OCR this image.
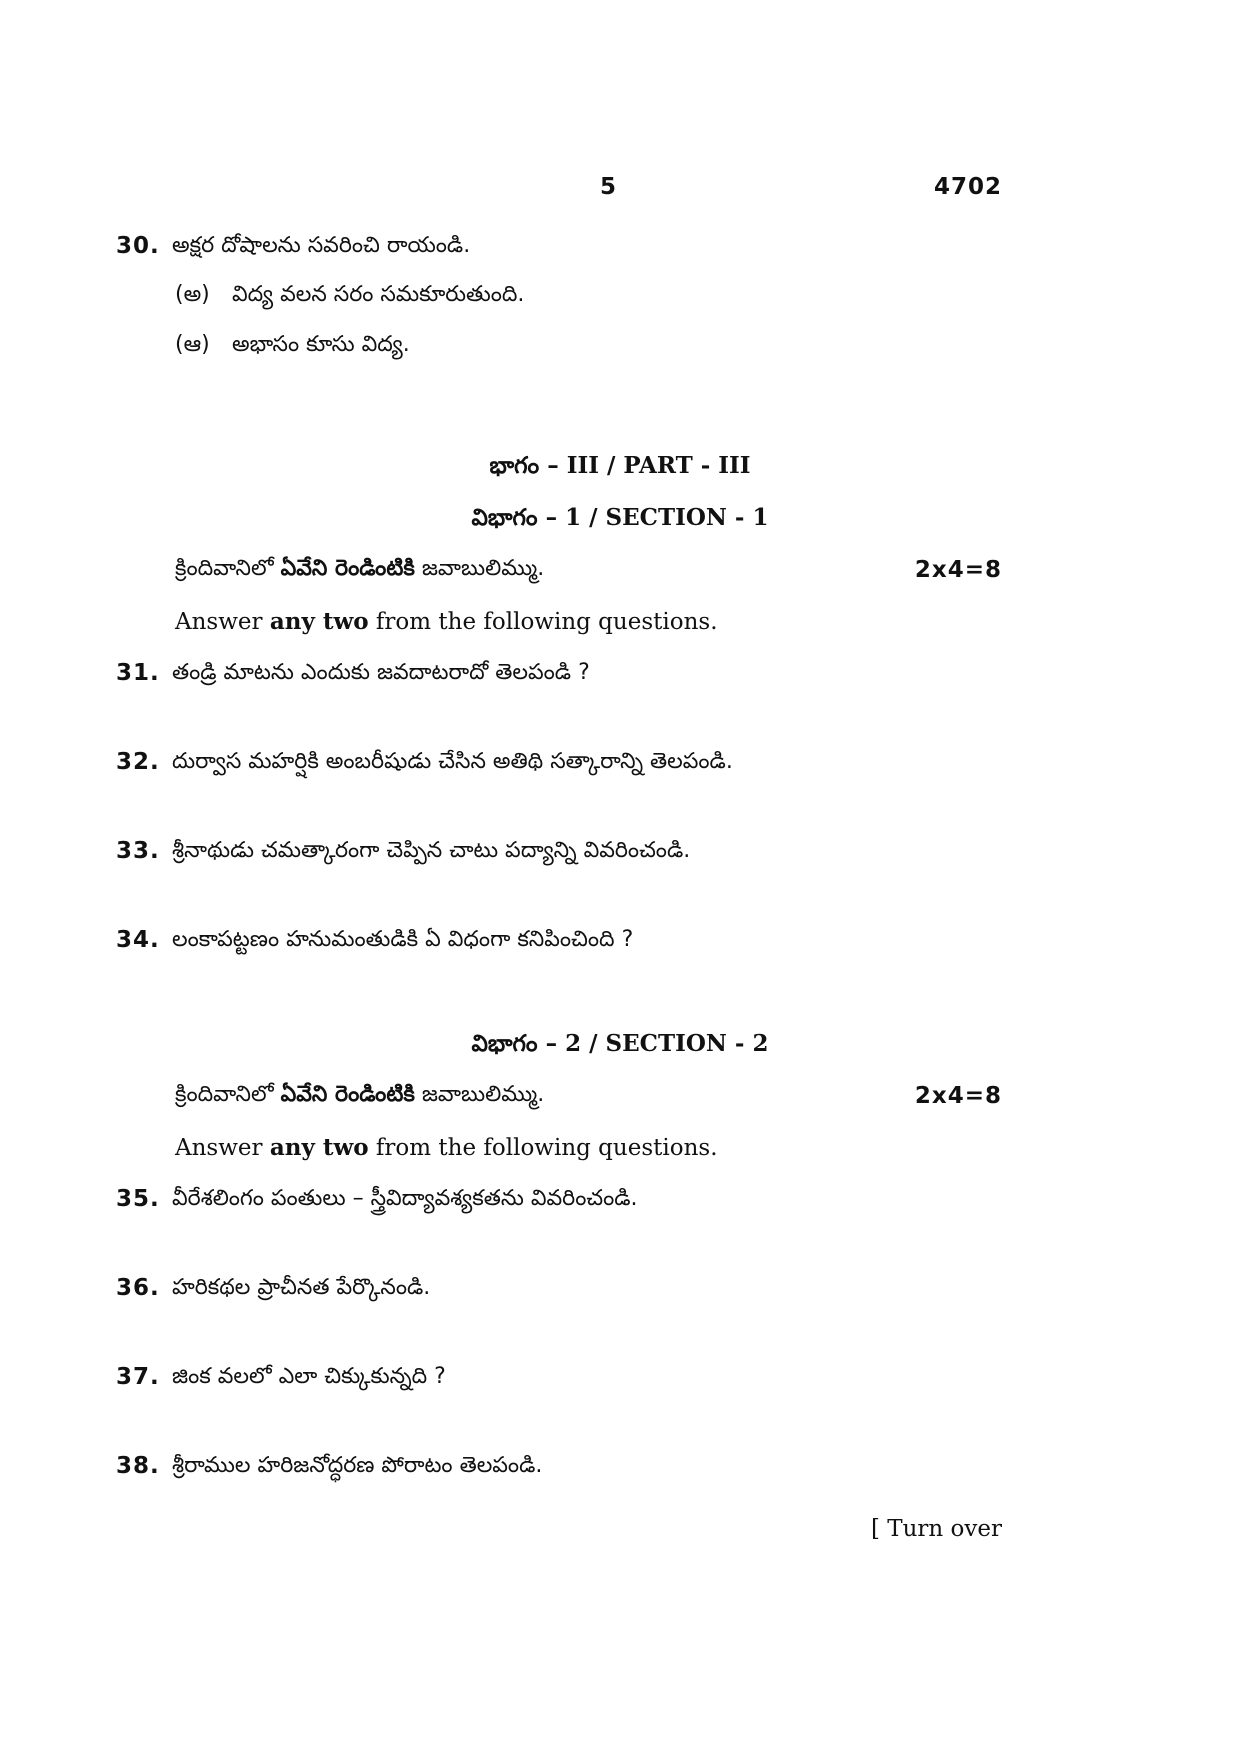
5	4702
30. అక్షర దోషాలను సవరించి రాయండి.
(అ) విద్య వలన సరం సమకూరుతుంది.
(ఆ) అభాసం కూసు విద్య.
భాగం – III / PART - III
విభాగం – 1 / SECTION - 1
క్రిందివానిలో ఏవేని రెండింటికి జవాబులిమ్ము.	2x4=8
Answer any two from the following questions.
31. తండ్రి మాటను ఎందుకు జవదాటరాదో తెలపండి ?
32. దుర్వాస మహర్షికి అంబరీషుడు చేసిన అతిథి సత్కారాన్ని తెలపండి.
33. శ్రీనాథుడు చమత్కారంగా చెప్పిన చాటు పద్యాన్ని వివరించండి.
34. లంకాపట్టణం హనుమంతుడికి ఏ విధంగా కనిపించింది ?
విభాగం – 2 / SECTION - 2
క్రిందివానిలో ఏవేని రెండింటికి జవాబులిమ్ము.	2x4=8
Answer any two from the following questions.
35. వీరేశలింగం పంతులు – స్త్రీవిద్యావశ్యకతను వివరించండి.
36. హరికథల ప్రాచీనత పేర్కొనండి.
37. జింక వలలో ఎలా చిక్కుకున్నది ?
38. శ్రీరాముల హరిజనోద్ధరణ పోరాటం తెలపండి.
[ Turn over
